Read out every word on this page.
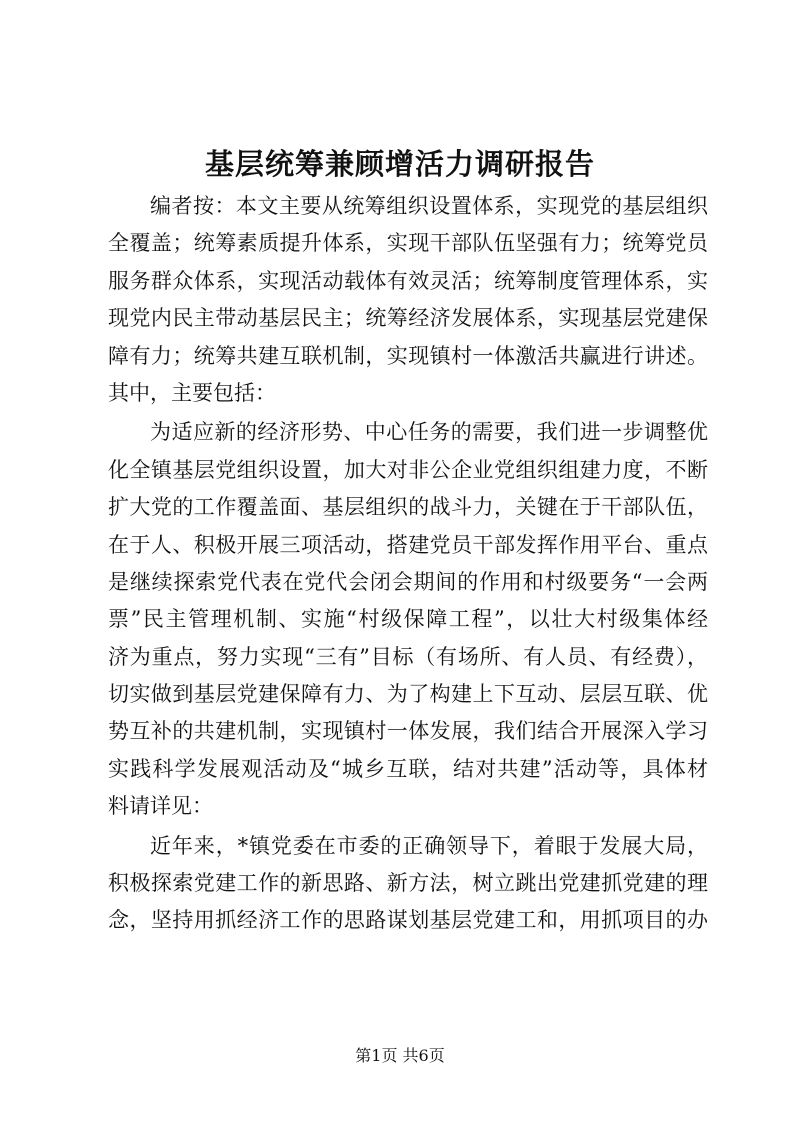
基层统筹兼顾增活力调研报告
编者按：本文主要从统筹组织设置体系，实现党的基层组织
全覆盖；统筹素质提升体系，实现干部队伍坚强有力；统筹党员
服务群众体系，实现活动载体有效灵活；统筹制度管理体系，实
现党内民主带动基层民主；统筹经济发展体系，实现基层党建保
障有力；统筹共建互联机制，实现镇村一体激活共赢进行讲述。
其中，主要包括：
为适应新的经济形势、中心任务的需要，我们进一步调整优
化全镇基层党组织设置，加大对非公企业党组织组建力度，不断
扩大党的工作覆盖面、基层组织的战斗力，关键在于干部队伍，
在于人、积极开展三项活动，搭建党员干部发挥作用平台、重点
是继续探索党代表在党代会闭会期间的作用和村级要务“一会两
票”民主管理机制、实施“村级保障工程”，以壮大村级集体经
济为重点，努力实现“三有”目标（有场所、有人员、有经费），
切实做到基层党建保障有力、为了构建上下互动、层层互联、优
势互补的共建机制，实现镇村一体发展，我们结合开展深入学习
实践科学发展观活动及“城乡互联，结对共建”活动等，具体材
料请详见：
近年来，*镇党委在市委的正确领导下，着眼于发展大局，
积极探索党建工作的新思路、新方法，树立跳出党建抓党建的理
念，坚持用抓经济工作的思路谋划基层党建工和，用抓项目的办
第1页 共6页
